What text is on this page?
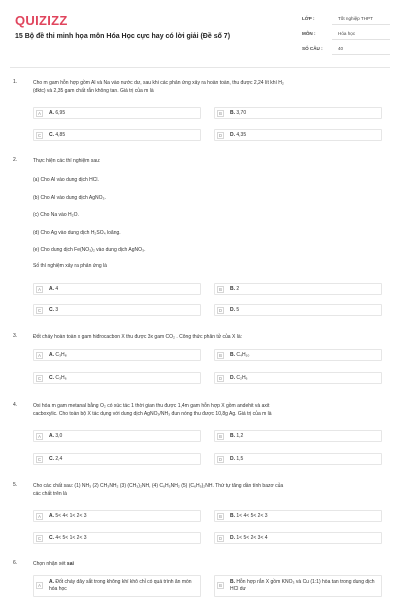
QUIZIZZ
15 Bộ đề thi minh họa môn Hóa Học cực hay có lời giải (Đề số 7)
LỚP :	Tốt nghiệp THPT
MÔN :	Hóa học
SỐ CÂU :	40
1.	Cho m gam hỗn hợp gồm Al và Na vào nước dư, sau khi các phản ứng xảy ra hoàn toàn, thu được 2,24 lít khí H₂
(đktc) và 2,35 gam chất rắn không tan. Giá trị của m là
A	A. 6,95	B	B. 3,70
C	C. 4,85	D	D. 4,35
2.	Thực hiện các thí nghiệm sau:
(a) Cho Al vào dung dịch HCl.
(b) Cho Al vào dung dịch AgNO₃.
(c) Cho Na vào H₂O.
(d) Cho Ag vào dung dịch H₂SO₄ loãng.
(e) Cho dung dịch Fe(NO₃)₂ vào dung dịch AgNO₃.
Số thí nghiệm xảy ra phản ứng là
A	A. 4	B	B. 2
C	C. 3	D	D. 5
3.	Đốt cháy hoàn toàn x gam hiđrocacbon X thu được 3x gam CO₂ . Công thức phân tử của X là:
A	A. C₃H₈	B	B. C₄H₁₀
C	C. C₃H₆	D	D. C₂H₆
4.	Oxi hóa m gam metanal bằng O₂ có xúc tác 1 thời gian thu được 1,4m gam hỗn hợp X gồm andehit và axit
cacboxylic. Cho toàn bộ X tác dụng với dung dịch AgNO₃/NH₃ đun nóng thu được 10,8g Ag. Giá trị của m là
A	A. 3,0	B	B. 1,2
C	C. 2,4	D	D. 1,5
5.	Cho các chất sau: (1) NH₃ (2) CH₃NH₂ (3) (CH₃)₂NH, (4) C₆H₅NH₂ (5) (C₆H₅)₂NH. Thứ tự tăng dần tính bazơ của
các chất trên là
A	A. 5< 4< 1< 2< 3	B	B. 1< 4< 5< 2< 3
C	C. 4< 5< 1< 2< 3	D	D. 1< 5< 2< 3< 4
6.	Chọn nhận xét sai
A
A. Đốt cháy dây sắt trong không khí khô chỉ có quá trình ăn mòn hóa học
B
B. Hỗn hợp rắn X gồm KNO₃ và Cu (1:1) hòa tan trong dung dịch HCl dư
